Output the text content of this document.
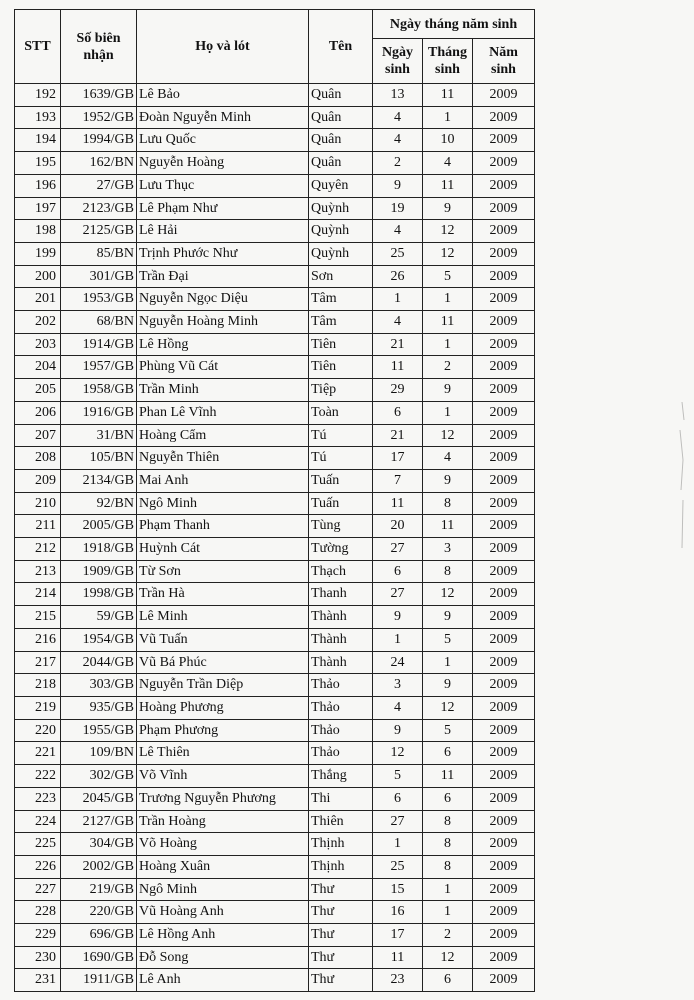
STT	Số biên nhận	Họ và lót	Tên	Ngày tháng năm sinh		
				Ngày sinh	Tháng sinh	Năm sinh
192	1639/GB	Lê Bảo	Quân	13	11	2009
193	1952/GB	Đoàn Nguyễn Minh	Quân	4	1	2009
194	1994/GB	Lưu Quốc	Quân	4	10	2009
195	162/BN	Nguyễn Hoàng	Quân	2	4	2009
196	27/GB	Lưu Thục	Quyên	9	11	2009
197	2123/GB	Lê Phạm Như	Quỳnh	19	9	2009
198	2125/GB	Lê Hải	Quỳnh	4	12	2009
199	85/BN	Trịnh Phước Như	Quỳnh	25	12	2009
200	301/GB	Trần Đại	Sơn	26	5	2009
201	1953/GB	Nguyễn Ngọc Diệu	Tâm	1	1	2009
202	68/BN	Nguyễn Hoàng Minh	Tâm	4	11	2009
203	1914/GB	Lê Hồng	Tiên	21	1	2009
204	1957/GB	Phùng Vũ Cát	Tiên	11	2	2009
205	1958/GB	Trần Minh	Tiệp	29	9	2009
206	1916/GB	Phan Lê Vĩnh	Toàn	6	1	2009
207	31/BN	Hoàng Cẩm	Tú	21	12	2009
208	105/BN	Nguyễn Thiên	Tú	17	4	2009
209	2134/GB	Mai Anh	Tuấn	7	9	2009
210	92/BN	Ngô Minh	Tuấn	11	8	2009
211	2005/GB	Phạm Thanh	Tùng	20	11	2009
212	1918/GB	Huỳnh Cát	Tường	27	3	2009
213	1909/GB	Từ Sơn	Thạch	6	8	2009
214	1998/GB	Trần Hà	Thanh	27	12	2009
215	59/GB	Lê Minh	Thành	9	9	2009
216	1954/GB	Vũ Tuấn	Thành	1	5	2009
217	2044/GB	Vũ Bá Phúc	Thành	24	1	2009
218	303/GB	Nguyễn Trần Diệp	Thảo	3	9	2009
219	935/GB	Hoàng Phương	Thảo	4	12	2009
220	1955/GB	Phạm Phương	Thảo	9	5	2009
221	109/BN	Lê Thiên	Thảo	12	6	2009
222	302/GB	Võ Vĩnh	Thắng	5	11	2009
223	2045/GB	Trương Nguyễn Phương	Thi	6	6	2009
224	2127/GB	Trần Hoàng	Thiên	27	8	2009
225	304/GB	Võ Hoàng	Thịnh	1	8	2009
226	2002/GB	Hoàng Xuân	Thịnh	25	8	2009
227	219/GB	Ngô Minh	Thư	15	1	2009
228	220/GB	Vũ Hoàng Anh	Thư	16	1	2009
229	696/GB	Lê Hồng Anh	Thư	17	2	2009
230	1690/GB	Đỗ Song	Thư	11	12	2009
231	1911/GB	Lê Anh	Thư	23	6	2009
